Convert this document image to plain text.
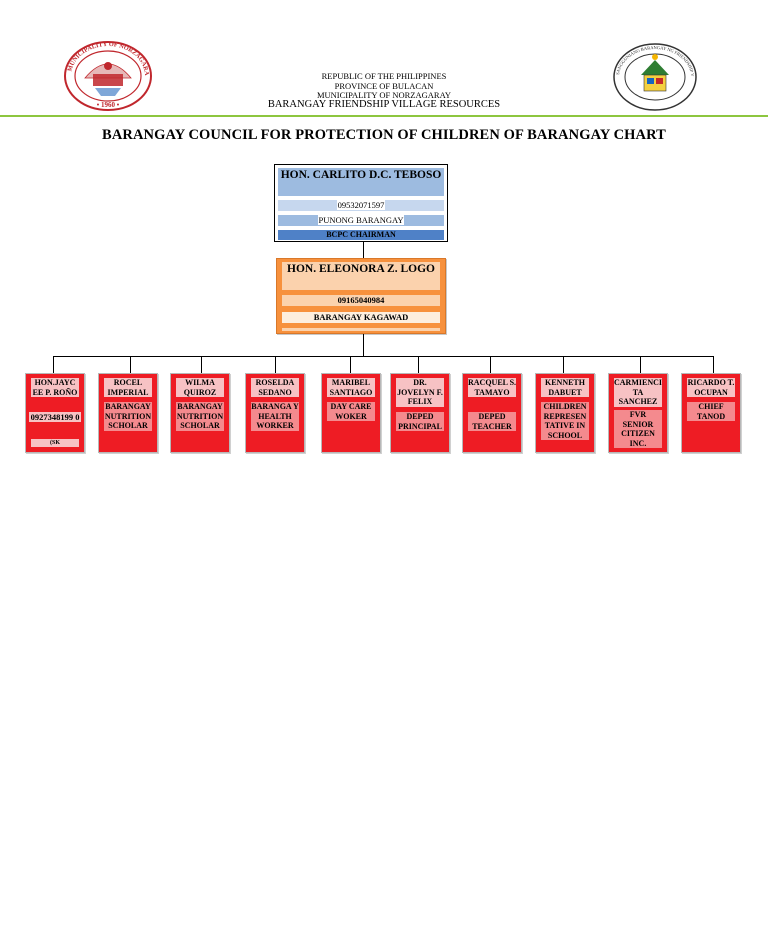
• 1960 •
MUNICIPALITY OF NORZAGARA	SANGGUNIANG BARANGAY NG FRIENDSHIP V
REPUBLIC OF THE PHILIPPINES
PROVINCE OF BULACAN
MUNICIPALITY OF NORZAGARAY
BARANGAY FRIENDSHIP VILLAGE RESOURCES
BARANGAY COUNCIL FOR PROTECTION OF CHILDREN OF BARANGAY CHART
HON. CARLITO D.C. TEBOSO
09532071597
PUNONG BARANGAY
BCPC CHAIRMAN
HON. ELEONORA Z. LOGO
09165040984
BARANGAY KAGAWAD
HON.JAYC EE P. ROÑO
0927348199 0
(SK
ROCEL IMPERIAL
BARANGAY NUTRITION SCHOLAR
WILMA QUIROZ
BARANGAY NUTRITION SCHOLAR
ROSELDA SEDANO
BARANGA Y HEALTH WORKER
MARIBEL SANTIAGO
DAY CARE WOKER
DR. JOVELYN F. FELIX
DEPED PRINCIPAL
RACQUEL S. TAMAYO
DEPED TEACHER
KENNETH DABUET
CHILDREN REPRESEN TATIVE IN SCHOOL
CARMIENCI TA SANCHEZ
FVR SENIOR CITIZEN INC.
RICARDO T. OCUPAN
CHIEF TANOD
